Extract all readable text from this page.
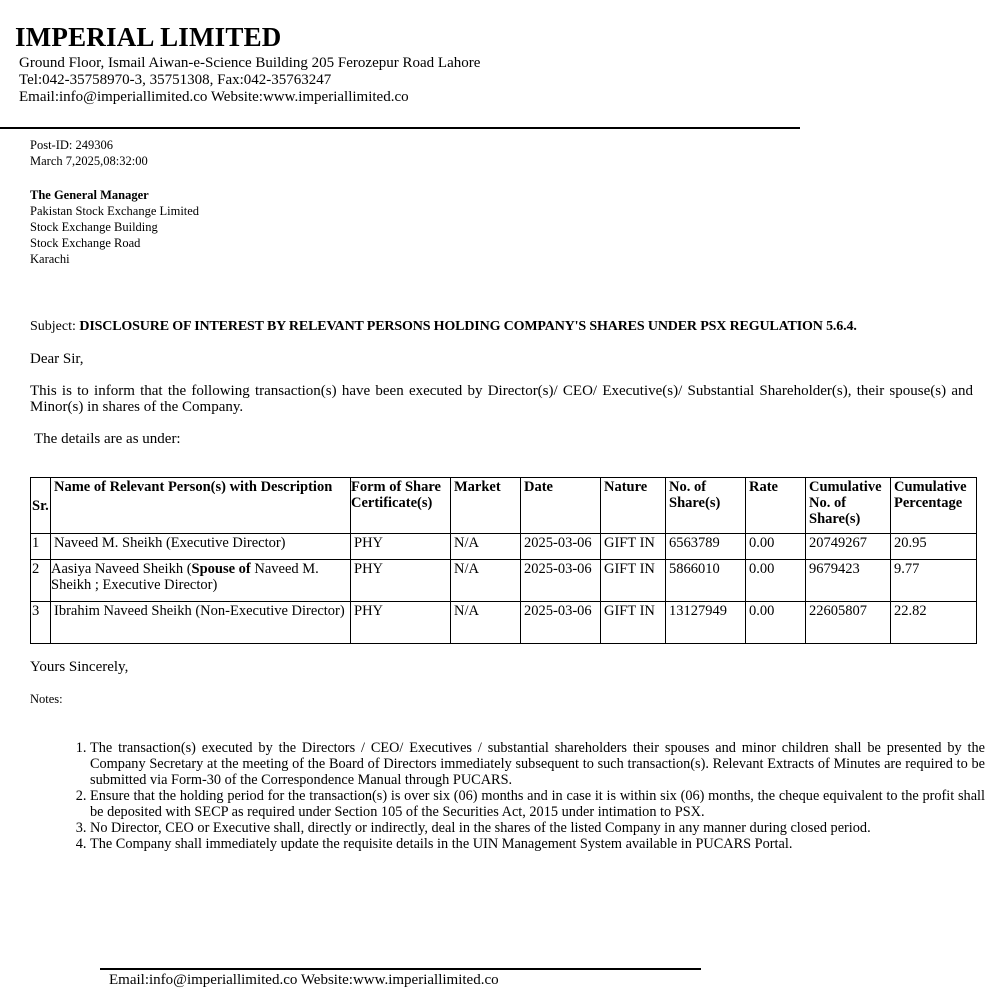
IMPERIAL LIMITED
Ground Floor, Ismail Aiwan-e-Science Building 205 Ferozepur Road Lahore
Tel:042-35758970-3, 35751308, Fax:042-35763247
Email:info@imperiallimited.co Website:www.imperiallimited.co
Post-ID: 249306
March 7,2025,08:32:00
The General Manager
Pakistan Stock Exchange Limited
Stock Exchange Building
Stock Exchange Road
Karachi
Subject: DISCLOSURE OF INTEREST BY RELEVANT PERSONS HOLDING COMPANY'S SHARES UNDER PSX REGULATION 5.6.4.
Dear Sir,
This is to inform that the following transaction(s) have been executed by Director(s)/ CEO/ Executive(s)/ Substantial Shareholder(s), their spouse(s) and Minor(s) in shares of the Company.
The details are as under:
Sr.	Name of Relevant Person(s) with Description	Form of Share Certificate(s)	Market	Date	Nature	No. of Share(s)	Rate	Cumulative No. of Share(s)	Cumulative Percentage
1	Naveed M. Sheikh (Executive Director)	PHY	N/A	2025-03-06	GIFT IN	6563789	0.00	20749267	20.95
2	Aasiya Naveed Sheikh (Spouse of Naveed M. Sheikh ; Executive Director)	PHY	N/A	2025-03-06	GIFT IN	5866010	0.00	9679423	9.77
3	Ibrahim Naveed Sheikh (Non-Executive Director)	PHY	N/A	2025-03-06	GIFT IN	13127949	0.00	22605807	22.82
Yours Sincerely,
Notes:
1. The transaction(s) executed by the Directors / CEO/ Executives / substantial shareholders their spouses and minor children shall be presented by the Company Secretary at the meeting of the Board of Directors immediately subsequent to such transaction(s). Relevant Extracts of Minutes are required to be submitted via Form-30 of the Correspondence Manual through PUCARS.
2. Ensure that the holding period for the transaction(s) is over six (06) months and in case it is within six (06) months, the cheque equivalent to the profit shall be deposited with SECP as required under Section 105 of the Securities Act, 2015 under intimation to PSX.
3. No Director, CEO or Executive shall, directly or indirectly, deal in the shares of the listed Company in any manner during closed period.
4. The Company shall immediately update the requisite details in the UIN Management System available in PUCARS Portal.
Email:info@imperiallimited.co Website:www.imperiallimited.co
